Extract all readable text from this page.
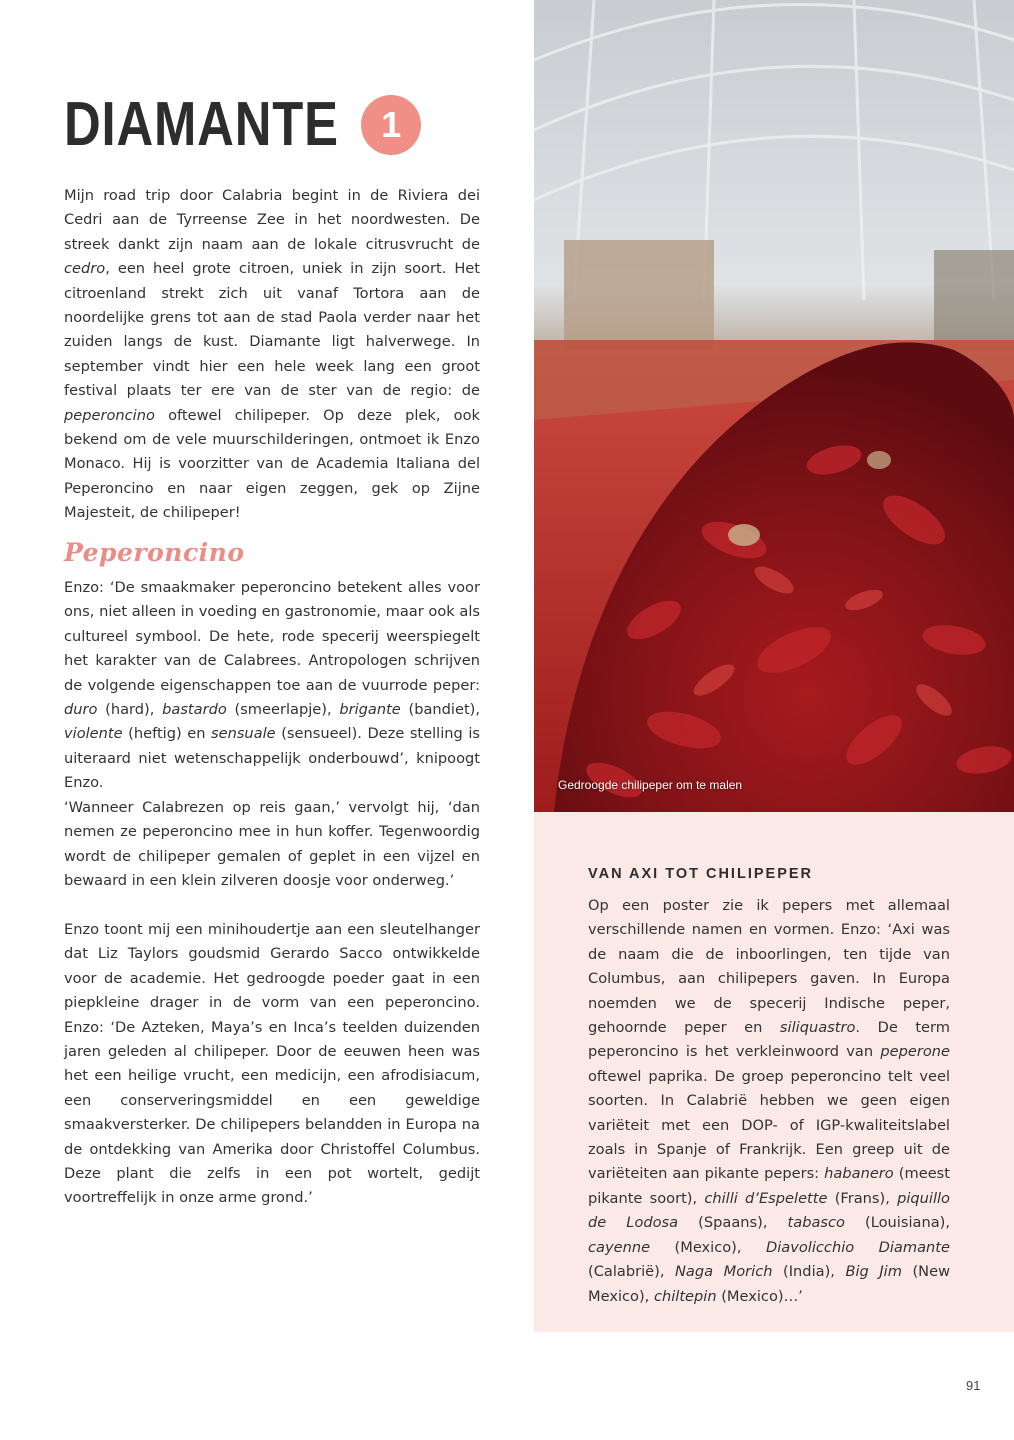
DIAMANTE	1
Mijn road trip door Calabria begint in de Riviera dei Cedri aan de Tyrreense Zee in het noordwesten. De streek dankt zijn naam aan de lokale citrusvrucht de cedro, een heel grote citroen, uniek in zijn soort. Het citroenland strekt zich uit vanaf Tortora aan de noordelijke grens tot aan de stad Paola verder naar het zuiden langs de kust. Diamante ligt halverwege. In september vindt hier een hele week lang een groot festival plaats ter ere van de ster van de regio: de peperoncino oftewel chilipeper. Op deze plek, ook bekend om de vele muurschilderingen, ontmoet ik Enzo Monaco. Hij is voorzitter van de Academia Italiana del Peperoncino en naar eigen zeggen, gek op Zijne Majesteit, de chilipeper!
Peperoncino
Enzo: ‘De smaakmaker peperoncino betekent alles voor ons, niet alleen in voeding en gastronomie, maar ook als cultureel symbool. De hete, rode specerij weerspiegelt het karakter van de Calabrees. Antropologen schrijven de volgende eigenschappen toe aan de vuurrode peper: duro (hard), bastardo (smeerlapje), brigante (bandiet), violente (heftig) en sensuale (sensueel). Deze stelling is uiteraard niet wetenschappelijk onderbouwd’, knipoogt Enzo.
‘Wanneer Calabrezen op reis gaan,’ vervolgt hij, ‘dan nemen ze peperoncino mee in hun koffer. Tegenwoordig wordt de chilipeper gemalen of geplet in een vijzel en bewaard in een klein zilveren doosje voor onderweg.’
Enzo toont mij een minihoudertje aan een sleutelhanger dat Liz Taylors goudsmid Gerardo Sacco ontwikkelde voor de academie. Het gedroogde poeder gaat in een piepkleine drager in de vorm van een peperoncino. Enzo: ‘De Azteken, Maya’s en Inca’s teelden duizenden jaren geleden al chilipeper. Door de eeuwen heen was het een heilige vrucht, een medicijn, een afrodisiacum, een conserveringsmiddel en een geweldige smaakversterker. De chilipepers belandden in Europa na de ontdekking van Amerika door Christoffel Columbus. Deze plant die zelfs in een pot wortelt, gedijt voortreffelijk in onze arme grond.’
Gedroogde chilipeper om te malen
VAN AXI TOT CHILIPEPER
Op een poster zie ik pepers met allemaal verschillende namen en vormen. Enzo: ‘Axi was de naam die de inboorlingen, ten tijde van Columbus, aan chilipepers gaven. In Europa noemden we de specerij Indische peper, gehoornde peper en siliquastro. De term peperoncino is het verkleinwoord van peperone oftewel paprika. De groep peperoncino telt veel soorten. In Calabrië hebben we geen eigen variëteit met een DOP- of IGP-kwaliteitslabel zoals in Spanje of Frankrijk. Een greep uit de variëteiten aan pikante pepers: habanero (meest pikante soort), chilli d’Espelette (Frans), piquillo de Lodosa (Spaans), tabasco (Louisiana), cayenne (Mexico), Diavolicchio Diamante (Calabrië), Naga Morich (India), Big Jim (New Mexico), chiltepin (Mexico)…’
91
